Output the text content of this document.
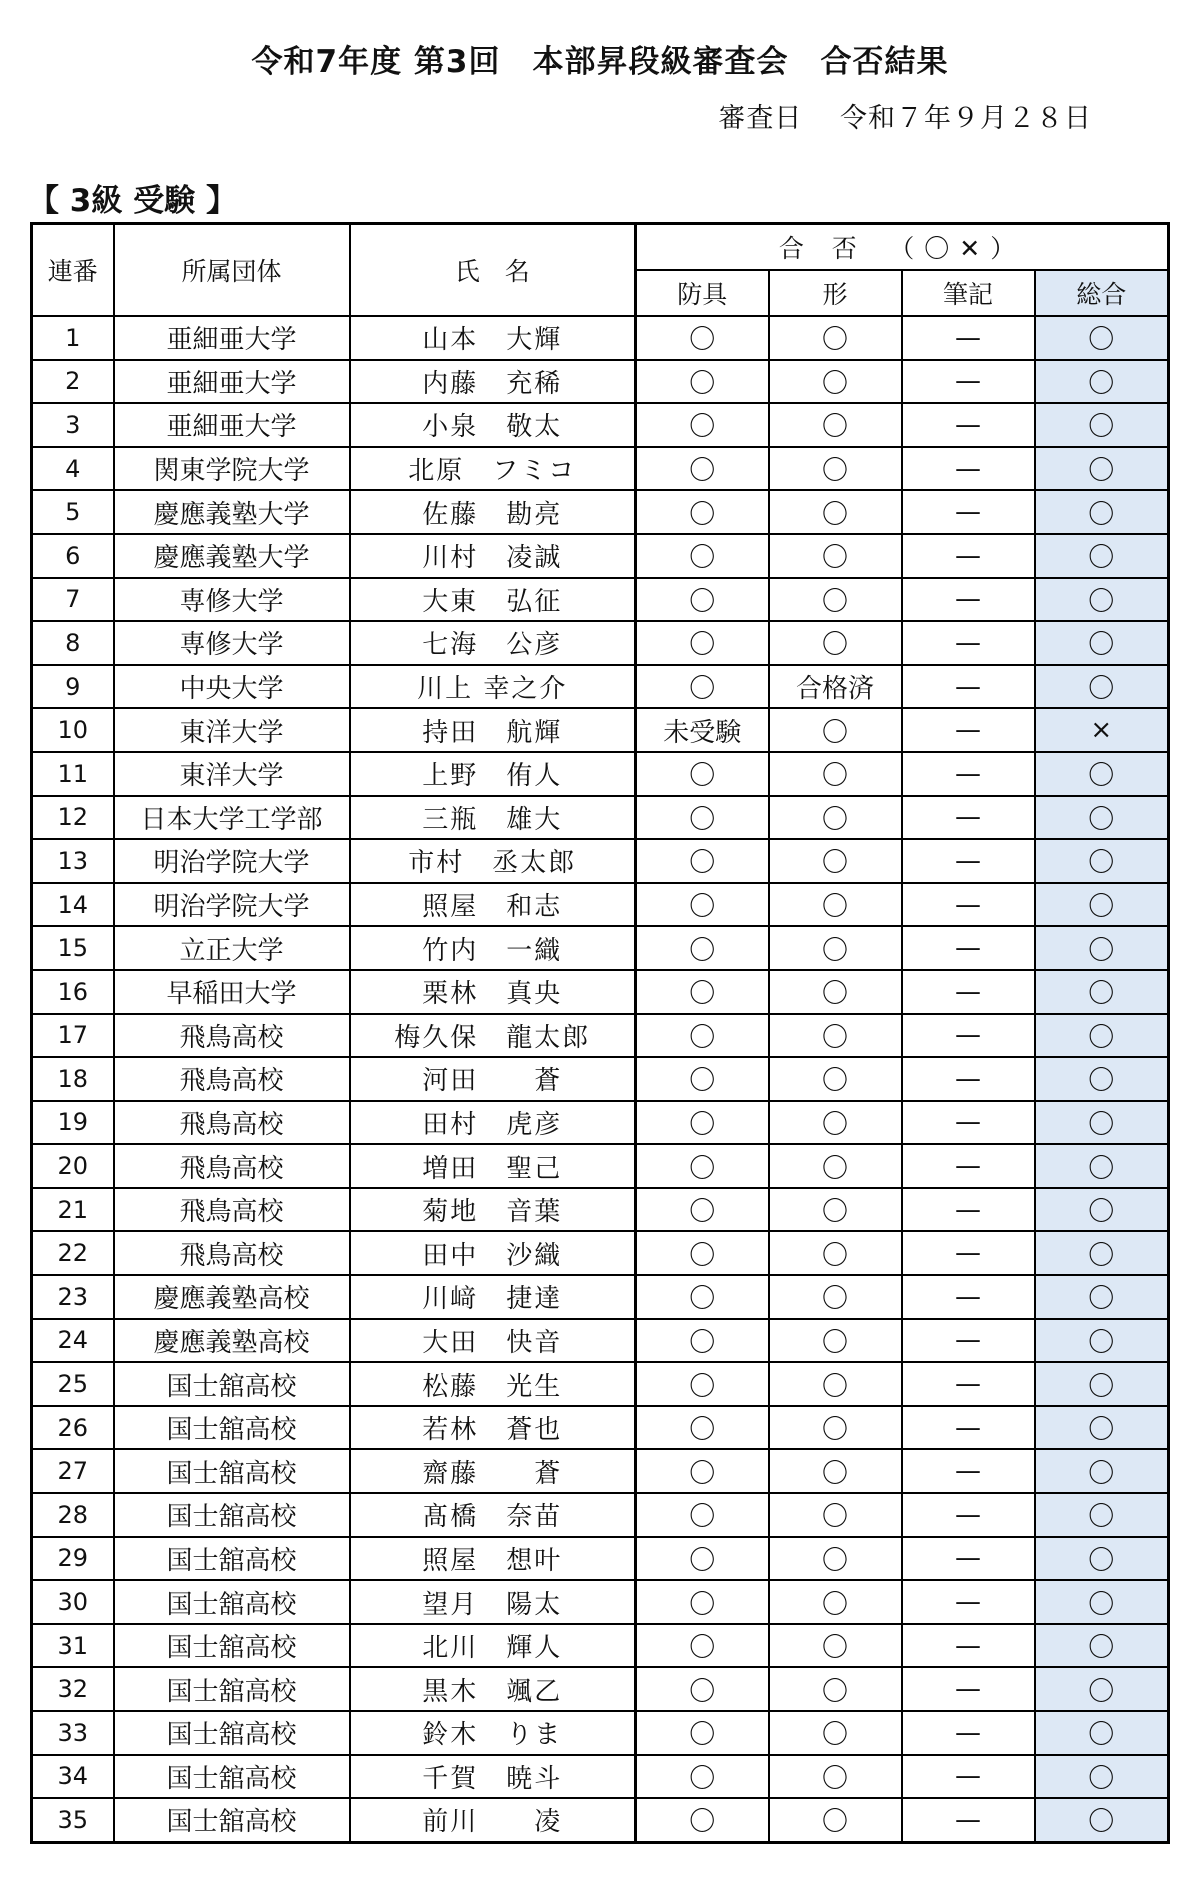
令和7年度 第3回　本部昇段級審査会　合否結果
審査日　 令和７年９月２８日
【 3級 受験 】
連番	所属団体	氏　名	合 否　（〇✕）			
			防具	形	筆記	総合
1	亜細亜大学	山本　大輝	〇	〇	—	〇
2	亜細亜大学	内藤　充稀	〇	〇	—	〇
3	亜細亜大学	小泉　敬太	〇	〇	—	〇
4	関東学院大学	北原　フミコ	〇	〇	—	〇
5	慶應義塾大学	佐藤　勘亮	〇	〇	—	〇
6	慶應義塾大学	川村　凌誠	〇	〇	—	〇
7	専修大学	大東　弘征	〇	〇	—	〇
8	専修大学	七海　公彦	〇	〇	—	〇
9	中央大学	川上 幸之介	〇	合格済	—	〇
10	東洋大学	持田　航輝	未受験	〇	—	×
11	東洋大学	上野　侑人	〇	〇	—	〇
12	日本大学工学部	三瓶　雄大	〇	〇	—	〇
13	明治学院大学	市村　丞太郎	〇	〇	—	〇
14	明治学院大学	照屋　和志	〇	〇	—	〇
15	立正大学	竹内　一織	〇	〇	—	〇
16	早稲田大学	栗林　真央	〇	〇	—	〇
17	飛鳥高校	梅久保　龍太郎	〇	〇	—	〇
18	飛鳥高校	河田　　蒼	〇	〇	—	〇
19	飛鳥高校	田村　虎彦	〇	〇	—	〇
20	飛鳥高校	増田　聖己	〇	〇	—	〇
21	飛鳥高校	菊地　音葉	〇	〇	—	〇
22	飛鳥高校	田中　沙織	〇	〇	—	〇
23	慶應義塾高校	川﨑　捷達	〇	〇	—	〇
24	慶應義塾高校	大田　快音	〇	〇	—	〇
25	国士舘高校	松藤　光生	〇	〇	—	〇
26	国士舘高校	若林　蒼也	〇	〇	—	〇
27	国士舘高校	齋藤　　蒼	〇	〇	—	〇
28	国士舘高校	髙橋　奈苗	〇	〇	—	〇
29	国士舘高校	照屋　想叶	〇	〇	—	〇
30	国士舘高校	望月　陽太	〇	〇	—	〇
31	国士舘高校	北川　輝人	〇	〇	—	〇
32	国士舘高校	黒木　颯乙	〇	〇	—	〇
33	国士舘高校	鈴木　りま	〇	〇	—	〇
34	国士舘高校	千賀　暁斗	〇	〇	—	〇
35	国士舘高校	前川　　凌	〇	〇	—	〇
